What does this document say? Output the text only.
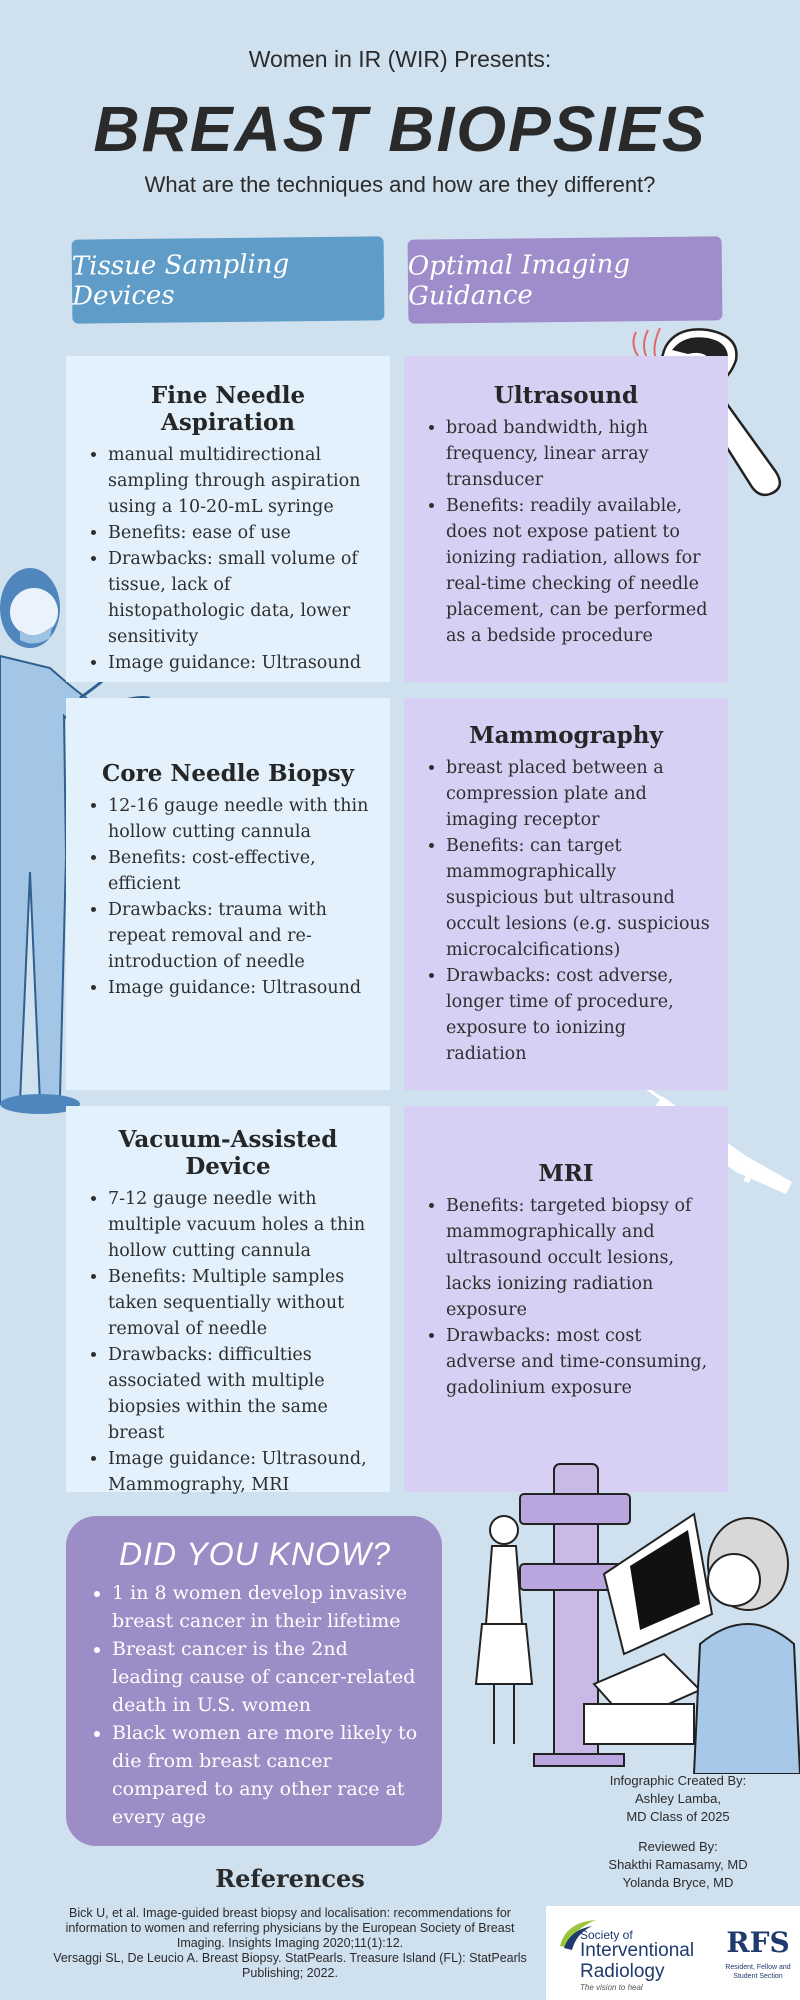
Women in IR (WIR) Presents:
BREAST BIOPSIES
What are the techniques and how are they different?
Tissue Sampling Devices
Optimal Imaging Guidance
Fine Needle Aspiration
• manual multidirectional sampling through aspiration using a 10-20-mL syringe
• Benefits: ease of use
• Drawbacks: small volume of tissue, lack of histopathologic data, lower sensitivity
• Image guidance: Ultrasound
Core Needle Biopsy
• 12-16 gauge needle with thin hollow cutting cannula
• Benefits: cost-effective, efficient
• Drawbacks: trauma with repeat removal and re-introduction of needle
• Image guidance: Ultrasound
Vacuum-Assisted Device
• 7-12 gauge needle with multiple vacuum holes a thin hollow cutting cannula
• Benefits: Multiple samples taken sequentially without removal of needle
• Drawbacks: difficulties associated with multiple biopsies within the same breast
• Image guidance: Ultrasound, Mammography, MRI
Ultrasound
• broad bandwidth, high frequency, linear array transducer
• Benefits: readily available, does not expose patient to ionizing radiation, allows for real-time checking of needle placement, can be performed as a bedside procedure
Mammography
• breast placed between a compression plate and imaging receptor
• Benefits: can target mammographically suspicious but ultrasound occult lesions (e.g. suspicious microcalcifications)
• Drawbacks: cost adverse, longer time of procedure, exposure to ionizing radiation
MRI
• Benefits: targeted biopsy of mammographically and ultrasound occult lesions, lacks ionizing radiation exposure
• Drawbacks: most cost adverse and time-consuming, gadolinium exposure
DID YOU KNOW?
• 1 in 8 women develop invasive breast cancer in their lifetime
• Breast cancer is the 2nd leading cause of cancer-related death in U.S. women
• Black women are more likely to die from breast cancer compared to any other race at every age
Infographic Created By:
Ashley Lamba,
MD Class of 2025
Reviewed By:
Shakthi Ramasamy, MD
Yolanda Bryce, MD
References
Bick U, et al. Image-guided breast biopsy and localisation: recommendations for information to women and referring physicians by the European Society of Breast Imaging. Insights Imaging 2020;11(1):12.
Versaggi SL, De Leucio A. Breast Biopsy. StatPearls. Treasure Island (FL): StatPearls Publishing; 2022.
Society of
Interventional
Radiology
The vision to heal
RFS
Resident, Fellow and
Student Section
